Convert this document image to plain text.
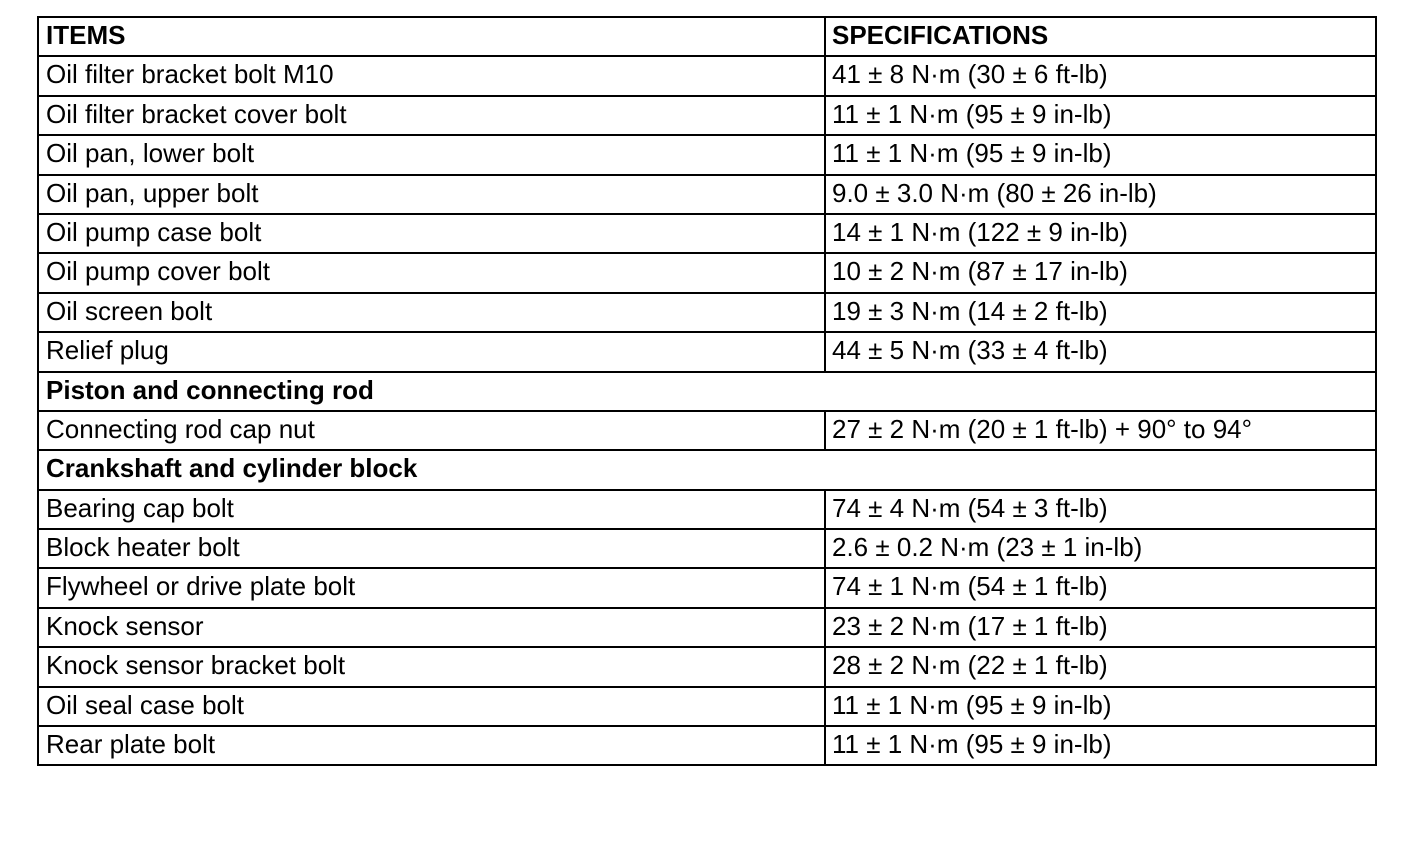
ITEMS	SPECIFICATIONS
Oil filter bracket bolt M10	41 ± 8 N·m (30 ± 6 ft-lb)
Oil filter bracket cover bolt	11 ± 1 N·m (95 ± 9 in-lb)
Oil pan, lower bolt	11 ± 1 N·m (95 ± 9 in-lb)
Oil pan, upper bolt	9.0 ± 3.0 N·m (80 ± 26 in-lb)
Oil pump case bolt	14 ± 1 N·m (122 ± 9 in-lb)
Oil pump cover bolt	10 ± 2 N·m (87 ± 17 in-lb)
Oil screen bolt	19 ± 3 N·m (14 ± 2 ft-lb)
Relief plug	44 ± 5 N·m (33 ± 4 ft-lb)
Piston and connecting rod	
Connecting rod cap nut	27 ± 2 N·m (20 ± 1 ft-lb) + 90° to 94°
Crankshaft and cylinder block	
Bearing cap bolt	74 ± 4 N·m (54 ± 3 ft-lb)
Block heater bolt	2.6 ± 0.2 N·m (23 ± 1 in-lb)
Flywheel or drive plate bolt	74 ± 1 N·m (54 ± 1 ft-lb)
Knock sensor	23 ± 2 N·m (17 ± 1 ft-lb)
Knock sensor bracket bolt	28 ± 2 N·m (22 ± 1 ft-lb)
Oil seal case bolt	11 ± 1 N·m (95 ± 9 in-lb)
Rear plate bolt	11 ± 1 N·m (95 ± 9 in-lb)
